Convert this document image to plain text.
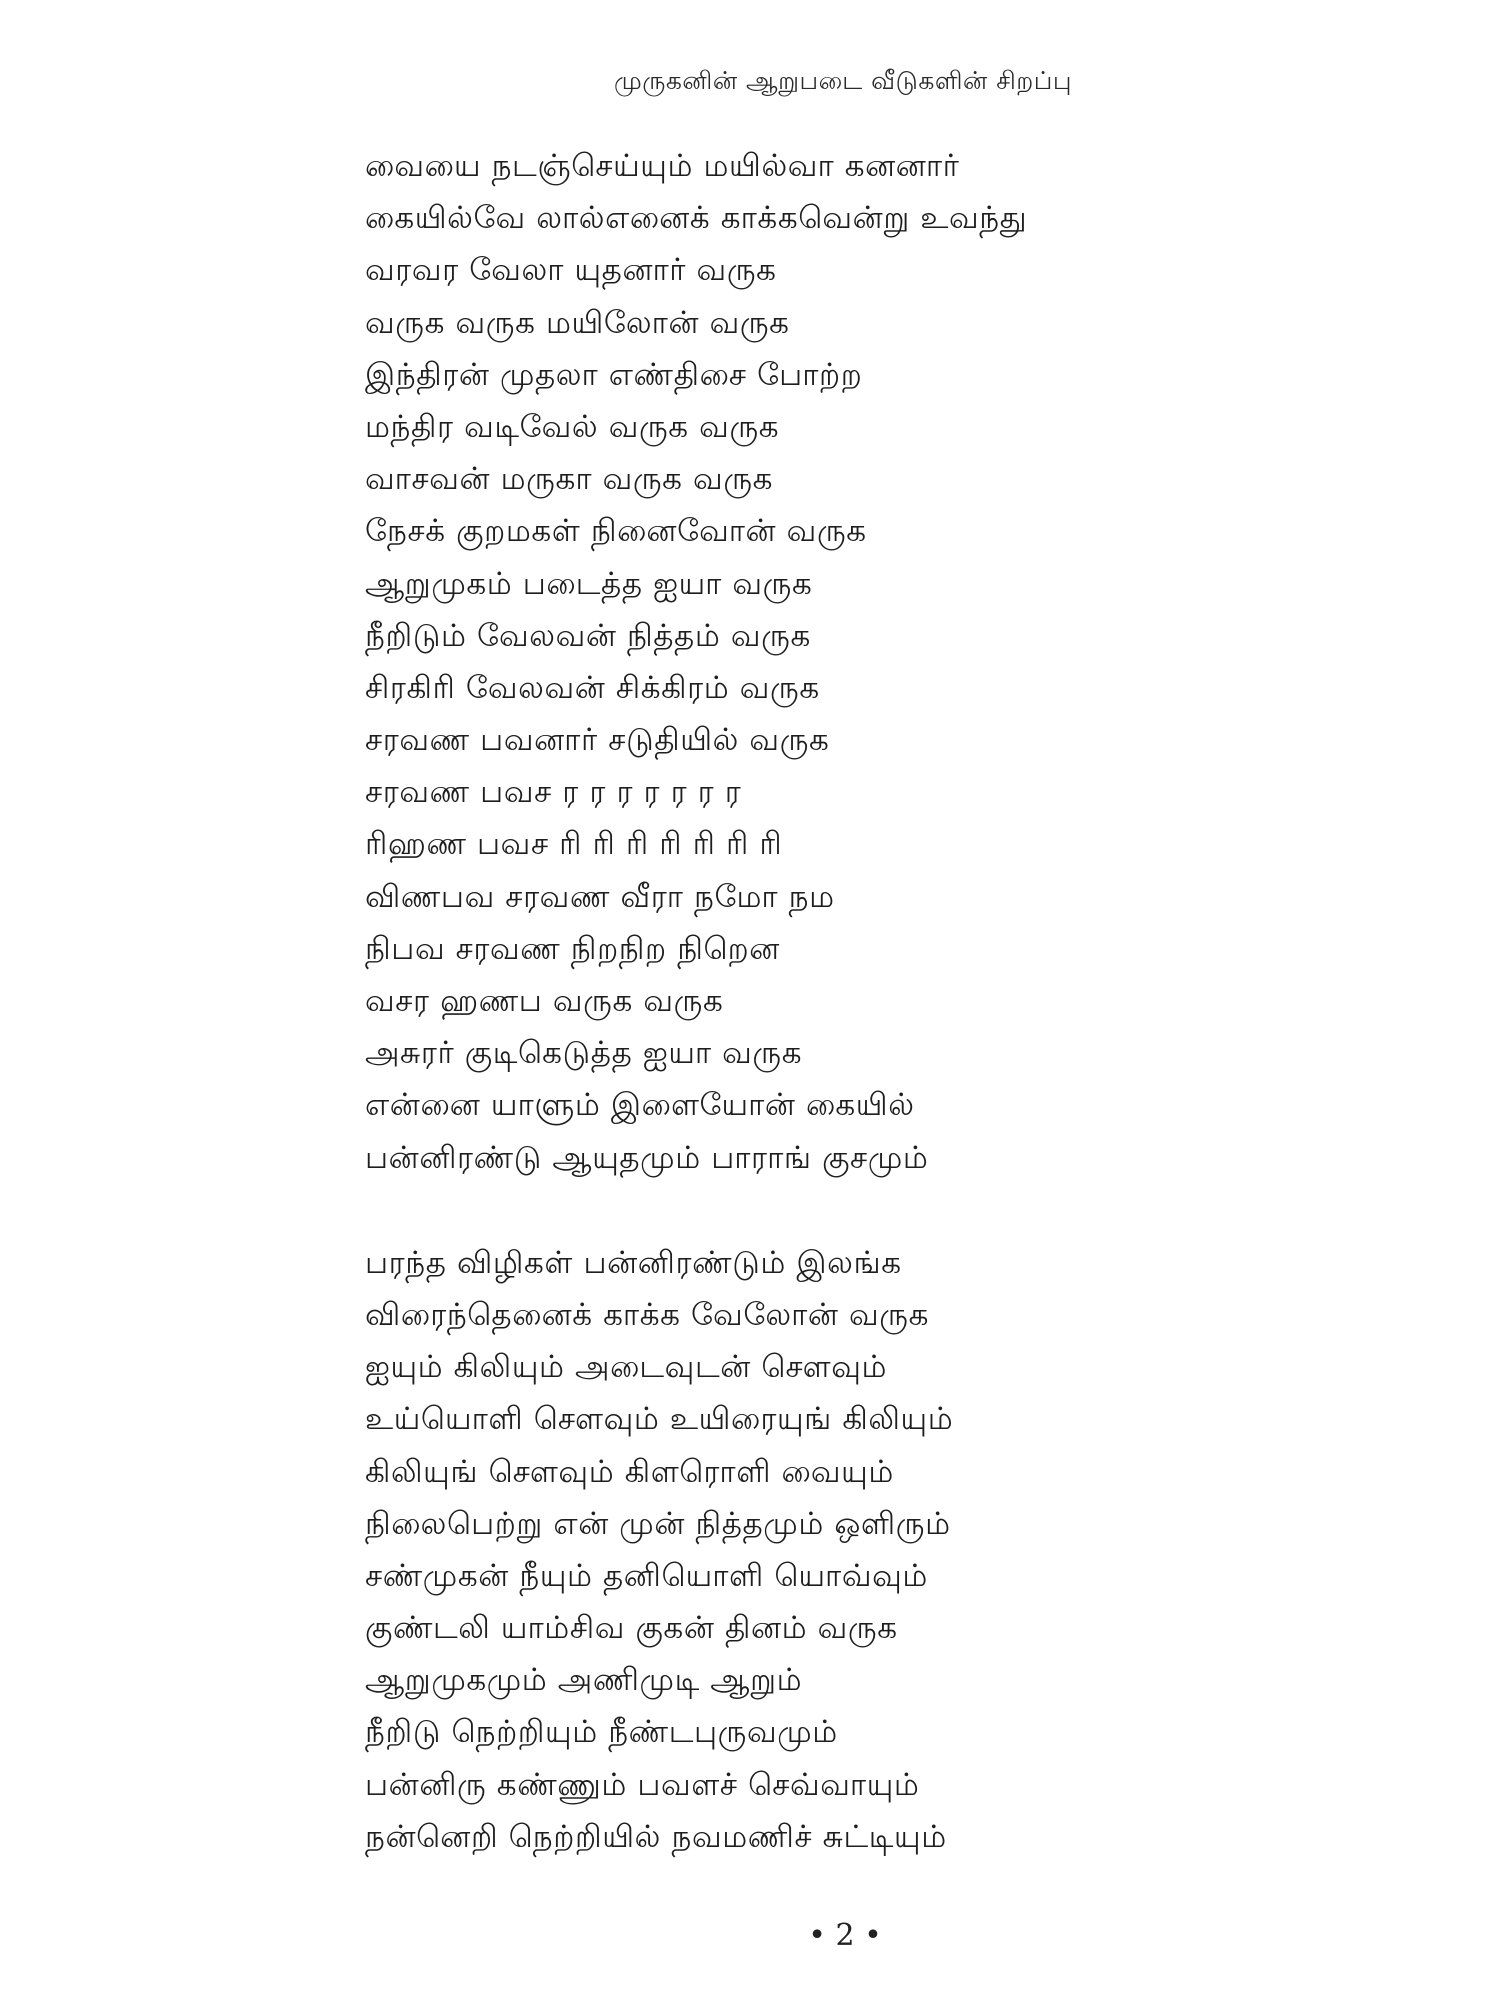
முருகனின் ஆறுபடை வீடுகளின் சிறப்பு
வையை நடஞ்செய்யும் மயில்வா கனனார்
கையில்வே லால்எனைக் காக்கவென்று உவந்து
வரவர வேலா யுதனார் வருக
வருக வருக மயிலோன் வருக
இந்திரன் முதலா எண்திசை போற்ற
மந்திர வடிவேல் வருக வருக
வாசவன் மருகா வருக வருக
நேசக் குறமகள் நினைவோன் வருக
ஆறுமுகம் படைத்த ஐயா வருக
நீறிடும் வேலவன் நித்தம் வருக
சிரகிரி வேலவன் சிக்கிரம் வருக
சரவண பவனார் சடுதியில் வருக
சரவண பவச ர ர ர ர ர ர ர
ரிஹண பவச ரி ரி ரி ரி ரி ரி ரி
விணபவ சரவண வீரா நமோ நம
நிபவ சரவண நிறநிற நிறென
வசர ஹணப வருக வருக
அசுரர் குடிகெடுத்த ஐயா வருக
என்னை யாளும் இளையோன் கையில்
பன்னிரண்டு ஆயுதமும் பாராங் குசமும்
பரந்த விழிகள் பன்னிரண்டும் இலங்க
விரைந்தெனைக் காக்க வேலோன் வருக
ஐயும் கிலியும் அடைவுடன் சௌவும்
உய்யொளி சௌவும் உயிரையுங் கிலியும்
கிலியுங் சௌவும் கிளரொளி வையும்
நிலைபெற்று என் முன் நித்தமும் ஒளிரும்
சண்முகன் நீயும் தனியொளி யொவ்வும்
குண்டலி யாம்சிவ குகன் தினம் வருக
ஆறுமுகமும் அணிமுடி ஆறும்
நீறிடு நெற்றியும் நீண்டபுருவமும்
பன்னிரு கண்ணும் பவளச் செவ்வாயும்
நன்னெறி நெற்றியில் நவமணிச் சுட்டியும்
• 2 •
